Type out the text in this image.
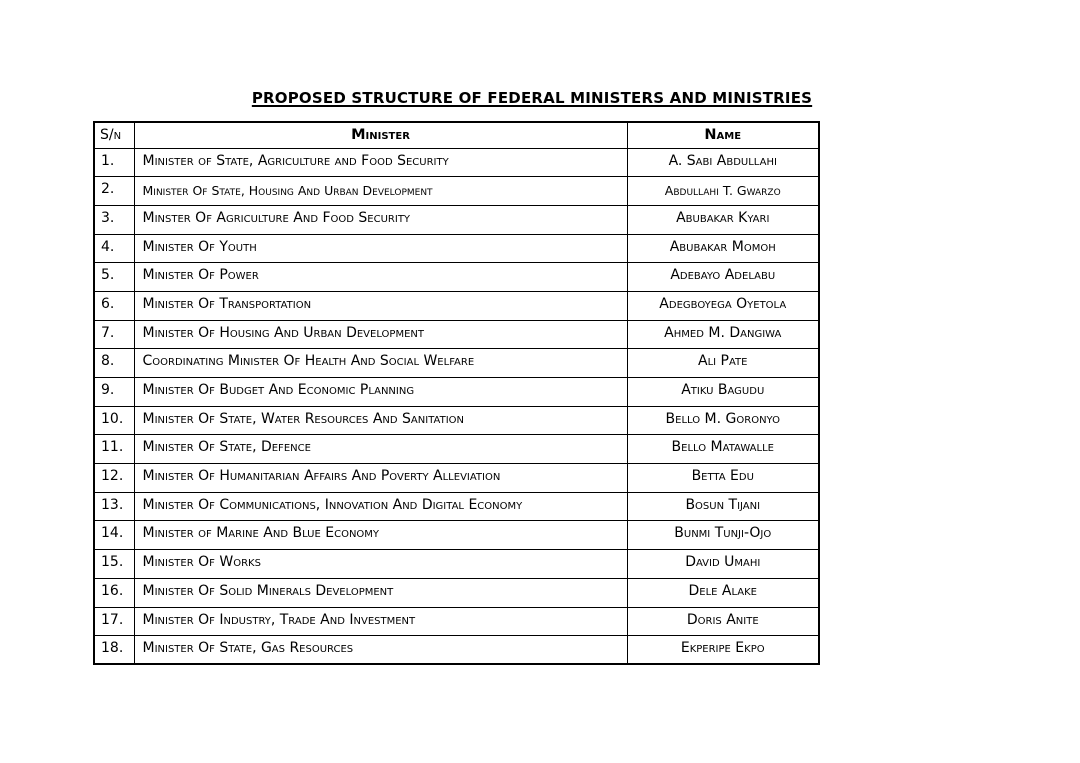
PROPOSED STRUCTURE OF FEDERAL MINISTERS AND MINISTRIES
S/n	Minister	Name
1.	Minister of State, Agriculture and Food Security	A. Sabi Abdullahi
2.	Minister Of State, Housing And Urban Development	Abdullahi T. Gwarzo
3.	Minster Of Agriculture And Food Security	Abubakar Kyari
4.	Minister Of Youth	Abubakar Momoh
5.	Minister Of Power	Adebayo Adelabu
6.	Minister Of Transportation	Adegboyega Oyetola
7.	Minister Of Housing And Urban Development	Ahmed M. Dangiwa
8.	Coordinating Minister Of Health And Social Welfare	Ali Pate
9.	Minister Of Budget And Economic Planning	Atiku Bagudu
10.	Minister Of State, Water Resources And Sanitation	Bello M. Goronyo
11.	Minister Of State, Defence	Bello Matawalle
12.	Minister Of Humanitarian Affairs And Poverty Alleviation	Betta Edu
13.	Minister Of Communications, Innovation And Digital Economy	Bosun Tijani
14.	Minister of Marine And Blue Economy	Bunmi Tunji-Ojo
15.	Minister Of Works	David Umahi
16.	Minister Of Solid Minerals Development	Dele Alake
17.	Minister Of Industry, Trade And Investment	Doris Anite
18.	Minister Of State, Gas Resources	Ekperipe Ekpo
